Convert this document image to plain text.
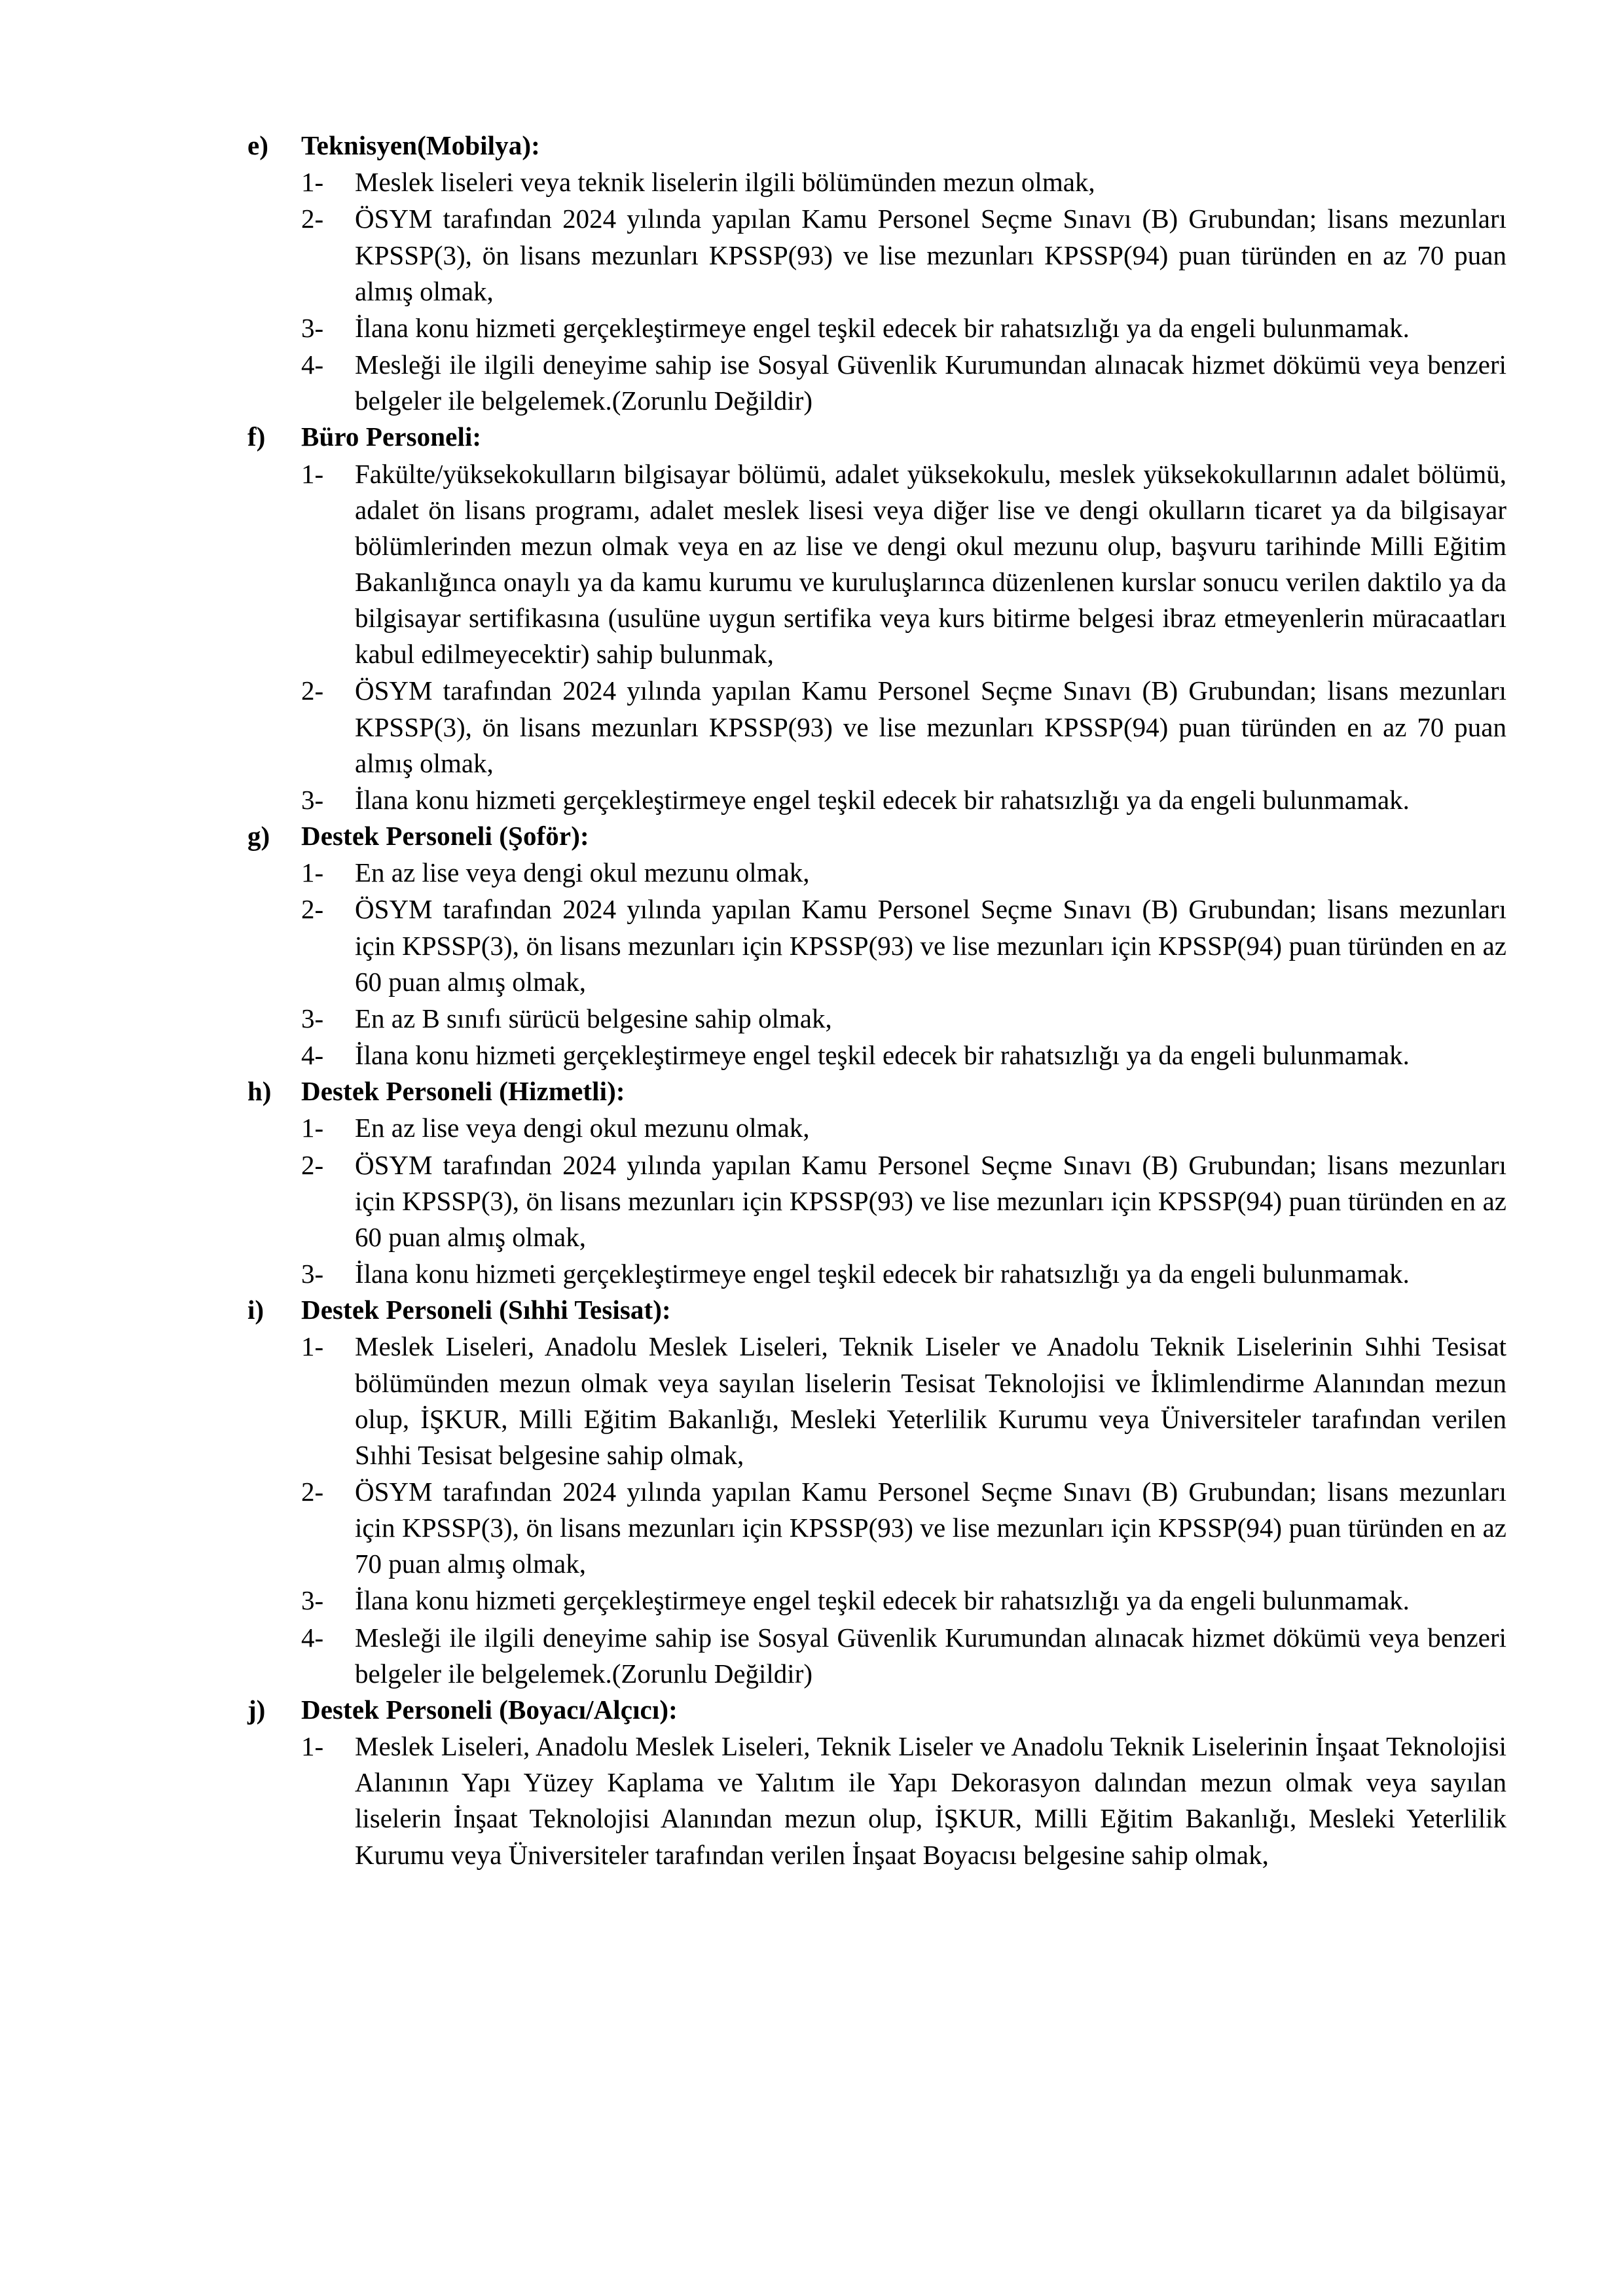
e)	Teknisyen(Mobilya):
1-	Meslek liseleri veya teknik liselerin ilgili bölümünden mezun olmak,
2-	ÖSYM tarafından 2024 yılında yapılan Kamu Personel Seçme Sınavı (B) Grubundan; lisans mezunları KPSSP(3), ön lisans mezunları KPSSP(93) ve lise mezunları KPSSP(94) puan türünden en az 70 puan almış olmak,
3-	İlana konu hizmeti gerçekleştirmeye engel teşkil edecek bir rahatsızlığı ya da engeli bulunmamak.
4-	Mesleği ile ilgili deneyime sahip ise Sosyal Güvenlik Kurumundan alınacak hizmet dökümü veya benzeri belgeler ile belgelemek.(Zorunlu Değildir)
f)	Büro Personeli:
1-	Fakülte/yüksekokulların bilgisayar bölümü, adalet yüksekokulu, meslek yüksekokullarının adalet bölümü, adalet ön lisans programı, adalet meslek lisesi veya diğer lise ve dengi okulların ticaret ya da bilgisayar bölümlerinden mezun olmak veya en az lise ve dengi okul mezunu olup, başvuru tarihinde Milli Eğitim Bakanlığınca onaylı ya da kamu kurumu ve kuruluşlarınca düzenlenen kurslar sonucu verilen daktilo ya da bilgisayar sertifikasına (usulüne uygun sertifika veya kurs bitirme belgesi ibraz etmeyenlerin müracaatları kabul edilmeyecektir) sahip bulunmak,
2-	ÖSYM tarafından 2024 yılında yapılan Kamu Personel Seçme Sınavı (B) Grubundan; lisans mezunları KPSSP(3), ön lisans mezunları KPSSP(93) ve lise mezunları KPSSP(94) puan türünden en az 70 puan almış olmak,
3-	İlana konu hizmeti gerçekleştirmeye engel teşkil edecek bir rahatsızlığı ya da engeli bulunmamak.
g)	Destek Personeli (Şoför):
1-	En az lise veya dengi okul mezunu olmak,
2-	ÖSYM tarafından 2024 yılında yapılan Kamu Personel Seçme Sınavı (B) Grubundan; lisans mezunları için KPSSP(3), ön lisans mezunları için KPSSP(93) ve lise mezunları için KPSSP(94) puan türünden en az 60 puan almış olmak,
3-	En az B sınıfı sürücü belgesine sahip olmak,
4-	İlana konu hizmeti gerçekleştirmeye engel teşkil edecek bir rahatsızlığı ya da engeli bulunmamak.
h)	Destek Personeli (Hizmetli):
1-	En az lise veya dengi okul mezunu olmak,
2-	ÖSYM tarafından 2024 yılında yapılan Kamu Personel Seçme Sınavı (B) Grubundan; lisans mezunları için KPSSP(3), ön lisans mezunları için KPSSP(93) ve lise mezunları için KPSSP(94) puan türünden en az 60 puan almış olmak,
3-	İlana konu hizmeti gerçekleştirmeye engel teşkil edecek bir rahatsızlığı ya da engeli bulunmamak.
i)	Destek Personeli (Sıhhi Tesisat):
1-	Meslek Liseleri, Anadolu Meslek Liseleri, Teknik Liseler ve Anadolu Teknik Liselerinin Sıhhi Tesisat bölümünden mezun olmak veya sayılan liselerin Tesisat Teknolojisi ve İklimlendirme Alanından mezun olup, İŞKUR, Milli Eğitim Bakanlığı, Mesleki Yeterlilik Kurumu veya Üniversiteler tarafından verilen Sıhhi Tesisat belgesine sahip olmak,
2-	ÖSYM tarafından 2024 yılında yapılan Kamu Personel Seçme Sınavı (B) Grubundan; lisans mezunları için KPSSP(3), ön lisans mezunları için KPSSP(93) ve lise mezunları için KPSSP(94) puan türünden en az 70 puan almış olmak,
3-	İlana konu hizmeti gerçekleştirmeye engel teşkil edecek bir rahatsızlığı ya da engeli bulunmamak.
4-	Mesleği ile ilgili deneyime sahip ise Sosyal Güvenlik Kurumundan alınacak hizmet dökümü veya benzeri belgeler ile belgelemek.(Zorunlu Değildir)
j)	Destek Personeli (Boyacı/Alçıcı):
1-	Meslek Liseleri, Anadolu Meslek Liseleri, Teknik Liseler ve Anadolu Teknik Liselerinin İnşaat Teknolojisi Alanının Yapı Yüzey Kaplama ve Yalıtım ile Yapı Dekorasyon dalından mezun olmak veya sayılan liselerin İnşaat Teknolojisi Alanından mezun olup, İŞKUR, Milli Eğitim Bakanlığı, Mesleki Yeterlilik Kurumu veya Üniversiteler tarafından verilen İnşaat Boyacısı belgesine sahip olmak,
